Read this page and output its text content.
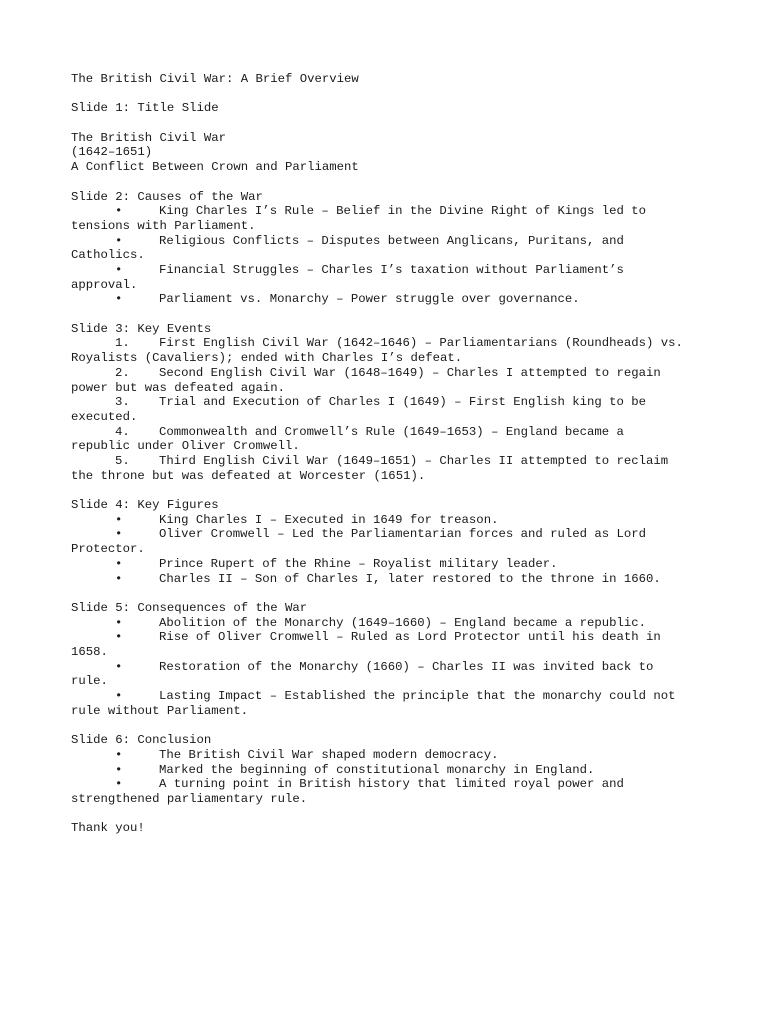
The British Civil War: A Brief Overview
Slide 1: Title Slide
The British Civil War
(1642–1651)
A Conflict Between Crown and Parliament
Slide 2: Causes of the War
•	King Charles I’s Rule – Belief in the Divine Right of Kings led to
tensions with Parliament.
•	Religious Conflicts – Disputes between Anglicans, Puritans, and
Catholics.
•	Financial Struggles – Charles I’s taxation without Parliament’s
approval.
•	Parliament vs. Monarchy – Power struggle over governance.
Slide 3: Key Events
1.	First English Civil War (1642–1646) – Parliamentarians (Roundheads) vs.
Royalists (Cavaliers); ended with Charles I’s defeat.
2.	Second English Civil War (1648–1649) – Charles I attempted to regain
power but was defeated again.
3.	Trial and Execution of Charles I (1649) – First English king to be
executed.
4.	Commonwealth and Cromwell’s Rule (1649–1653) – England became a
republic under Oliver Cromwell.
5.	Third English Civil War (1649–1651) – Charles II attempted to reclaim
the throne but was defeated at Worcester (1651).
Slide 4: Key Figures
•	King Charles I – Executed in 1649 for treason.
•	Oliver Cromwell – Led the Parliamentarian forces and ruled as Lord
Protector.
•	Prince Rupert of the Rhine – Royalist military leader.
•	Charles II – Son of Charles I, later restored to the throne in 1660.
Slide 5: Consequences of the War
•	Abolition of the Monarchy (1649–1660) – England became a republic.
•	Rise of Oliver Cromwell – Ruled as Lord Protector until his death in
1658.
•	Restoration of the Monarchy (1660) – Charles II was invited back to
rule.
•	Lasting Impact – Established the principle that the monarchy could not
rule without Parliament.
Slide 6: Conclusion
•	The British Civil War shaped modern democracy.
•	Marked the beginning of constitutional monarchy in England.
•	A turning point in British history that limited royal power and
strengthened parliamentary rule.
Thank you!
